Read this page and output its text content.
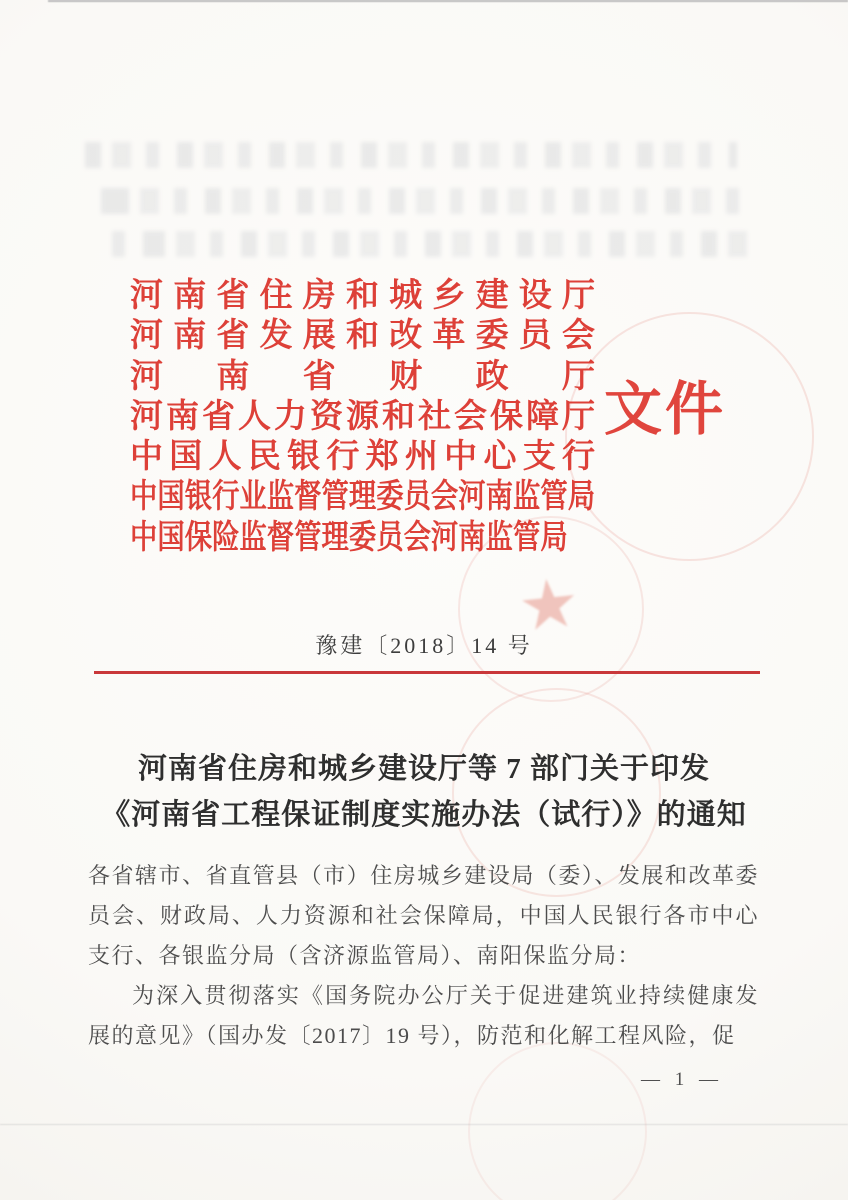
★
河南省住房和城乡建设厅
河南省发展和改革委员会
河南省财政厅
河南省人力资源和社会保障厅
中国人民银行郑州中心支行
中国银行业监督管理委员会河南监管局
中国保险监督管理委员会河南监管局
文件
豫建〔2018〕14 号
河南省住房和城乡建设厅等 7 部门关于印发
《河南省工程保证制度实施办法（试行）》的通知

各省辖市、省直管县（市）住房城乡建设局（委）、发展和改革委员会、财政局、人力资源和社会保障局，中国人民银行各市中心支行、各银监分局（含济源监管局）、南阳保监分局：

为深入贯彻落实《国务院办公厅关于促进建筑业持续健康发展的意见》（国办发〔2017〕19 号），防范和化解工程风险，促

— 1 —
